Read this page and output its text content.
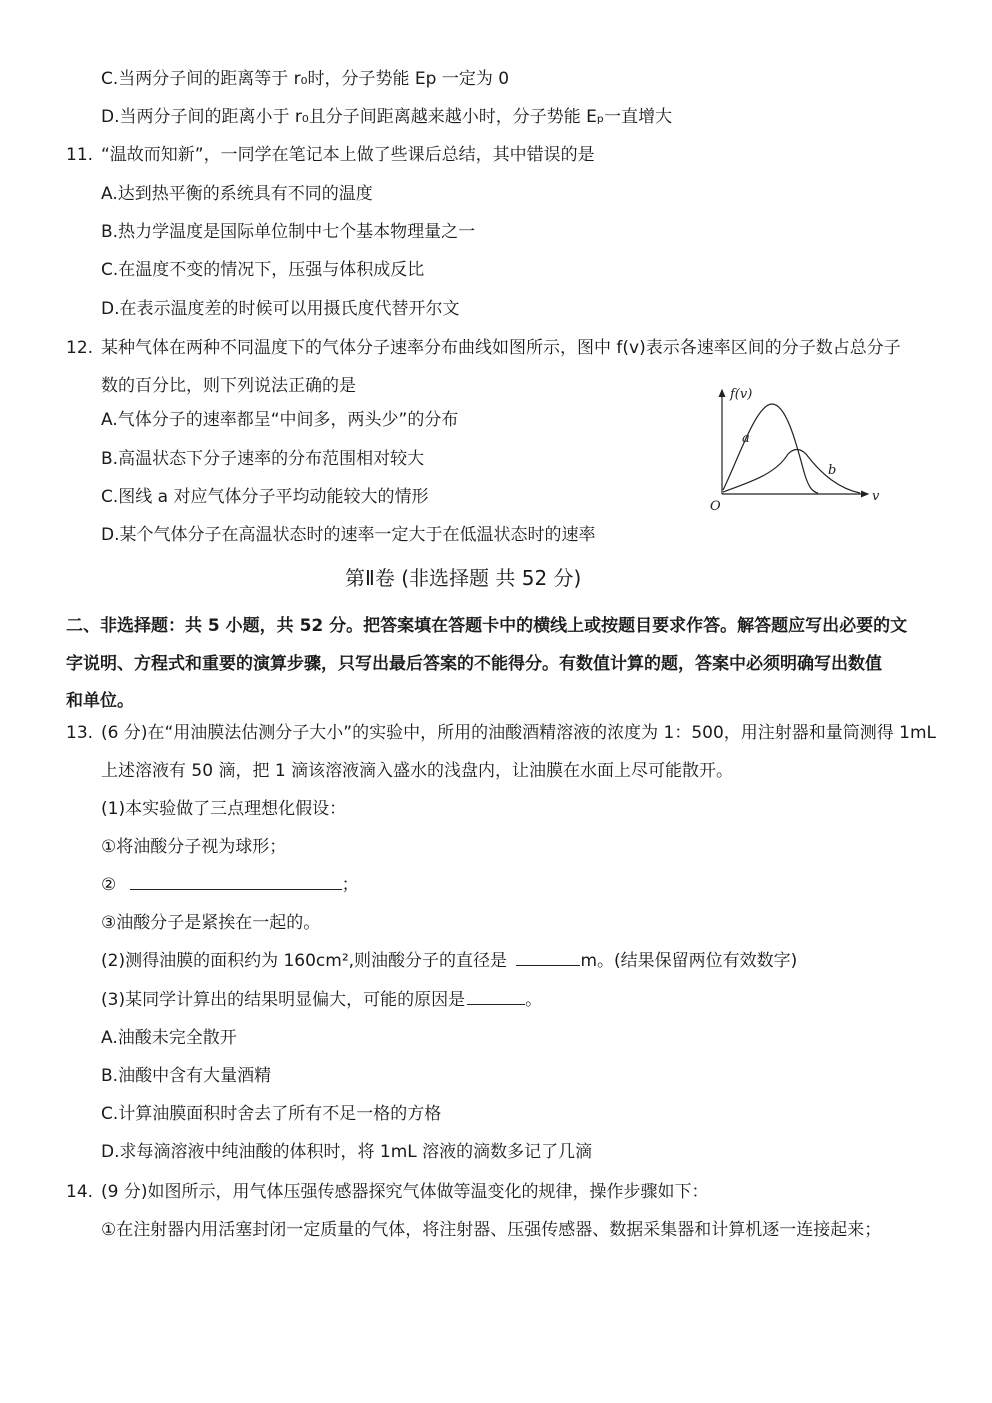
C.当两分子间的距离等于 r₀时，分子势能 Ep 一定为 0
D.当两分子间的距离小于 r₀且分子间距离越来越小时，分子势能 Eₚ一直增大
11. “温故而知新”，一同学在笔记本上做了些课后总结，其中错误的是
A.达到热平衡的系统具有不同的温度
B.热力学温度是国际单位制中七个基本物理量之一
C.在温度不变的情况下，压强与体积成反比
D.在表示温度差的时候可以用摄氏度代替开尔文
12. 某种气体在两种不同温度下的气体分子速率分布曲线如图所示，图中 f(v)表示各速率区间的分子数占总分子
数的百分比，则下列说法正确的是
A.气体分子的速率都呈“中间多，两头少”的分布
B.高温状态下分子速率的分布范围相对较大
C.图线 a 对应气体分子平均动能较大的情形
D.某个气体分子在高温状态时的速率一定大于在低温状态时的速率
f(v)
v
O
a
b
第Ⅱ卷 (非选择题 共 52 分)
二、非选择题：共 5 小题，共 52 分。把答案填在答题卡中的横线上或按题目要求作答。解答题应写出必要的文
字说明、方程式和重要的演算步骤，只写出最后答案的不能得分。有数值计算的题，答案中必须明确写出数值
和单位。
13. (6 分)在“用油膜法估测分子大小”的实验中，所用的油酸酒精溶液的浓度为 1：500，用注射器和量筒测得 1mL
上述溶液有 50 滴，把 1 滴该溶液滴入盛水的浅盘内，让油膜在水面上尽可能散开。
(1)本实验做了三点理想化假设：
①将油酸分子视为球形；
②	；
③油酸分子是紧挨在一起的。
(2)测得油膜的面积约为 160cm²,则油酸分子的直径是	m。(结果保留两位有效数字)
(3)某同学计算出的结果明显偏大，可能的原因是	。
A.油酸未完全散开
B.油酸中含有大量酒精
C.计算油膜面积时舍去了所有不足一格的方格
D.求每滴溶液中纯油酸的体积时，将 1mL 溶液的滴数多记了几滴
14. (9 分)如图所示，用气体压强传感器探究气体做等温变化的规律，操作步骤如下：
①在注射器内用活塞封闭一定质量的气体，将注射器、压强传感器、数据采集器和计算机逐一连接起来；
